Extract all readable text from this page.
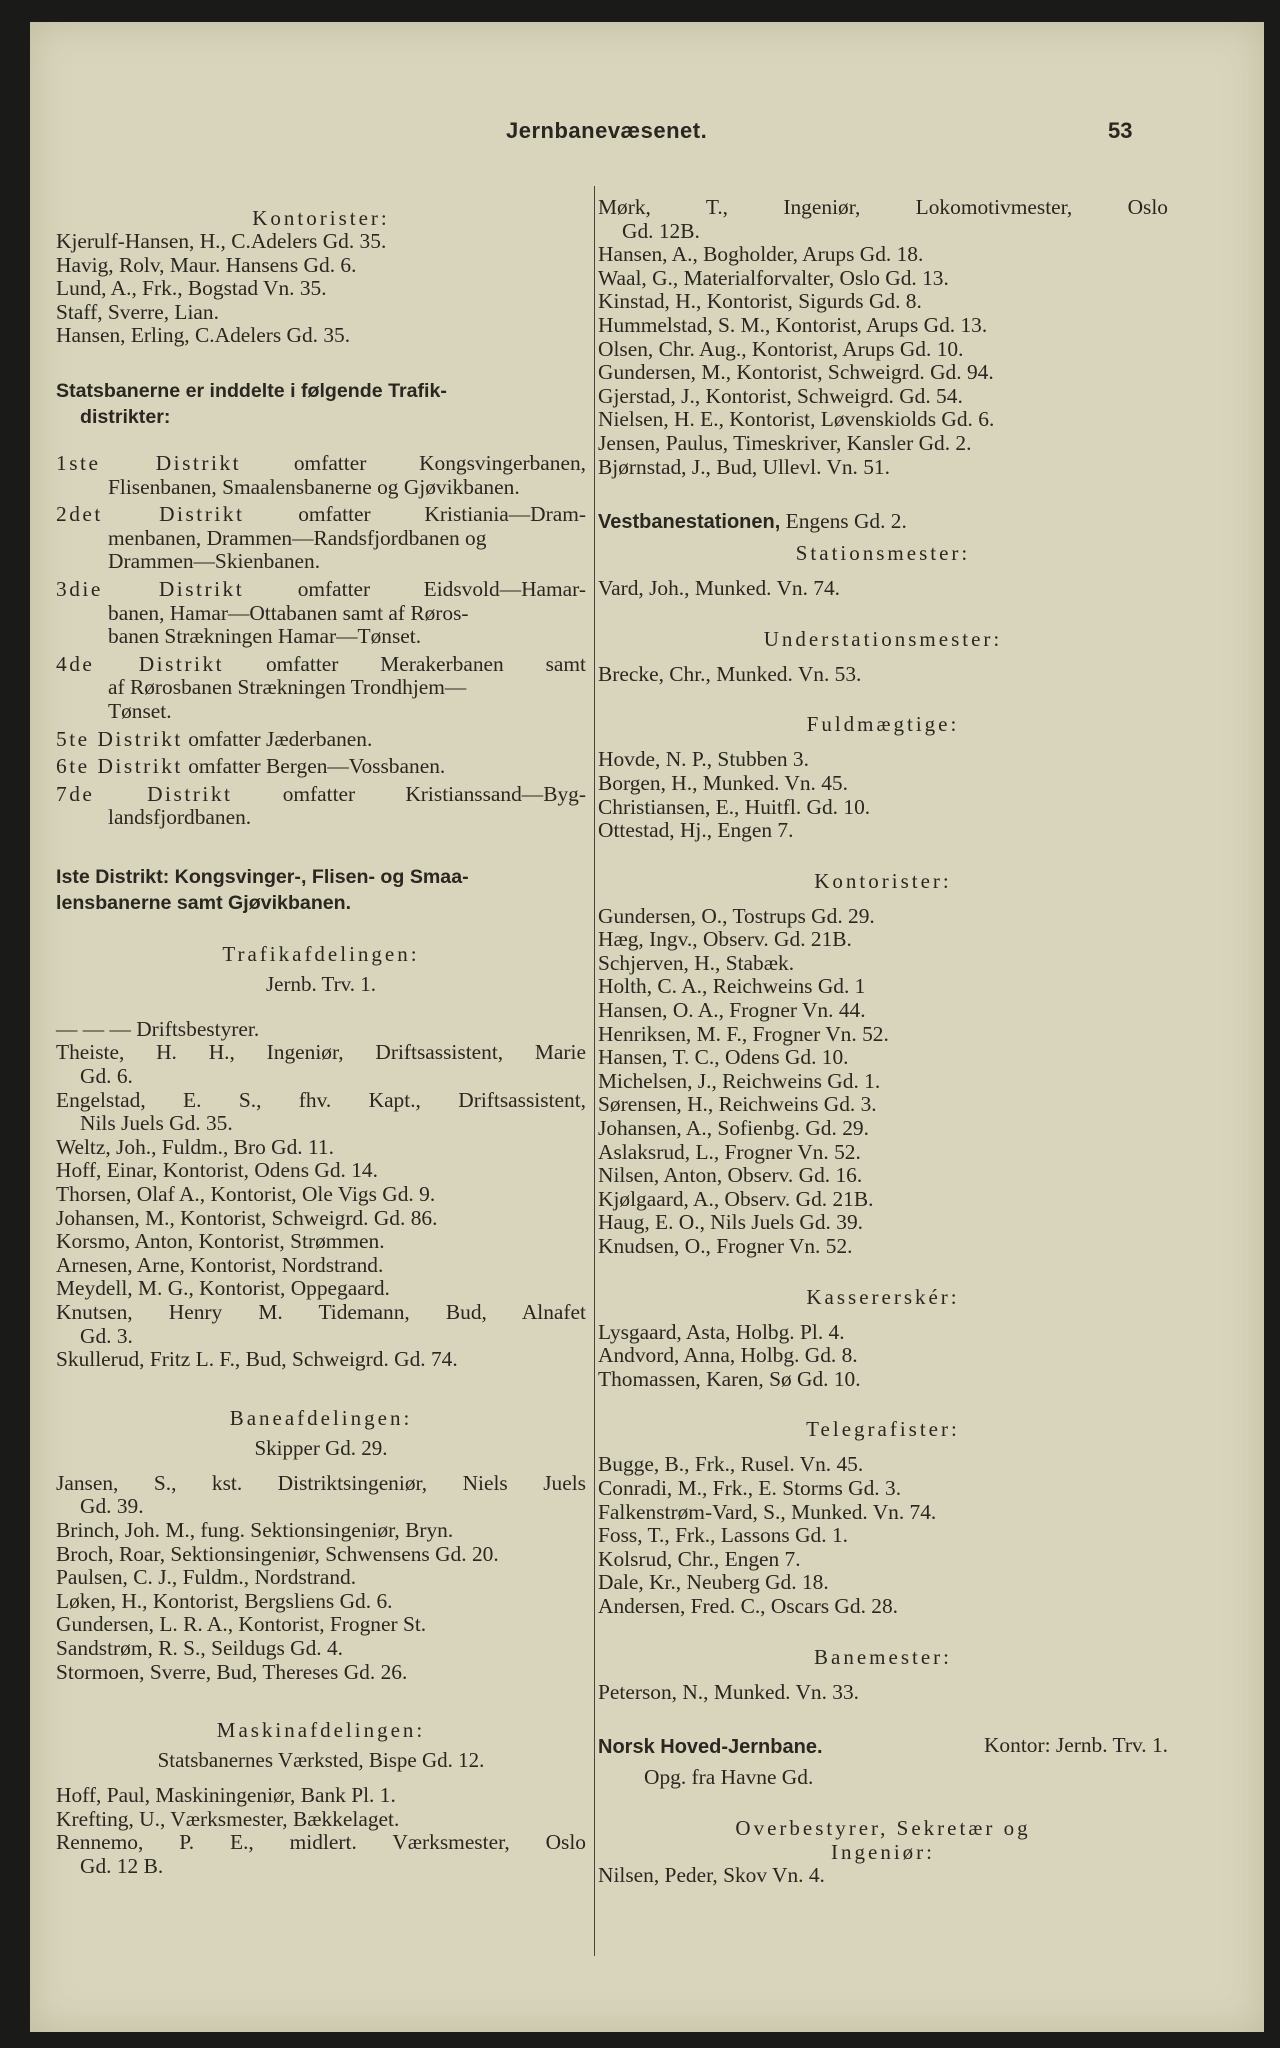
Jernbanevæsenet.	53
Kontorister:
Kjerulf-Hansen, H., C.Adelers Gd. 35.
Havig, Rolv, Maur. Hansens Gd. 6.
Lund, A., Frk., Bogstad Vn. 35.
Staff, Sverre, Lian.
Hansen, Erling, C.Adelers Gd. 35.
Statsbanerne er inddelte i følgende Trafik-
distrikter:
1ste Distrikt omfatter Kongsvingerbanen,
Flisenbanen, Smaalensbanerne og Gjøvikbanen.
2det Distrikt	omfatter Kristiania—Dram-
menbanen, Drammen—Randsfjordbanen og
Drammen—Skienbanen.
3die Distrikt	omfatter Eidsvold—Hamar-
banen, Hamar—Ottabanen samt af Røros-
banen Strækningen Hamar—Tønset.
4de Distrikt omfatter Merakerbanen samt
af Rørosbanen Strækningen Trondhjem—
Tønset.
5te Distrikt omfatter Jæderbanen.
6te Distrikt omfatter Bergen—Vossbanen.
7de Distrikt omfatter Kristianssand—Byg-
landsfjordbanen.
Iste Distrikt: Kongsvinger-, Flisen- og Smaa-
lensbanerne samt Gjøvikbanen.
Trafikafdelingen:
Jernb. Trv. 1.
— — — Driftsbestyrer.
Theiste, H. H., Ingeniør, Driftsassistent, Marie
Gd. 6.
Engelstad, E. S., fhv. Kapt., Driftsassistent,
Nils Juels Gd. 35.
Weltz, Joh., Fuldm., Bro Gd. 11.
Hoff, Einar, Kontorist, Odens Gd. 14.
Thorsen, Olaf A., Kontorist, Ole Vigs Gd. 9.
Johansen, M., Kontorist, Schweigrd. Gd. 86.
Korsmo, Anton, Kontorist, Strømmen.
Arnesen, Arne, Kontorist, Nordstrand.
Meydell, M. G., Kontorist, Oppegaard.
Knutsen, Henry M. Tidemann, Bud, Alnafet
Gd. 3.
Skullerud, Fritz L. F., Bud, Schweigrd. Gd. 74.
Baneafdelingen:
Skipper Gd. 29.
Jansen, S., kst. Distriktsingeniør, Niels Juels
Gd. 39.
Brinch, Joh. M., fung. Sektionsingeniør, Bryn.
Broch, Roar, Sektionsingeniør, Schwensens Gd. 20.
Paulsen, C. J., Fuldm., Nordstrand.
Løken, H., Kontorist, Bergsliens Gd. 6.
Gundersen, L. R. A., Kontorist, Frogner St.
Sandstrøm, R. S., Seildugs Gd. 4.
Stormoen, Sverre, Bud, Thereses Gd. 26.
Maskinafdelingen:
Statsbanernes Værksted, Bispe Gd. 12.
Hoff, Paul, Maskiningeniør, Bank Pl. 1.
Krefting, U., Værksmester, Bækkelaget.
Rennemo, P. E., midlert. Værksmester, Oslo
Gd. 12 B.
Mørk, T., Ingeniør, Lokomotivmester, Oslo
Gd. 12B.
Hansen, A., Bogholder, Arups Gd. 18.
Waal, G., Materialforvalter, Oslo Gd. 13.
Kinstad, H., Kontorist, Sigurds Gd. 8.
Hummelstad, S. M., Kontorist, Arups Gd. 13.
Olsen, Chr. Aug., Kontorist, Arups Gd. 10.
Gundersen, M., Kontorist, Schweigrd. Gd. 94.
Gjerstad, J., Kontorist, Schweigrd. Gd. 54.
Nielsen, H. E., Kontorist, Løvenskiolds Gd. 6.
Jensen, Paulus, Timeskriver, Kansler Gd. 2.
Bjørnstad, J., Bud, Ullevl. Vn. 51.
Vestbanestationen, Engens Gd. 2.
Stationsmester:
Vard, Joh., Munked. Vn. 74.
Understationsmester:
Brecke, Chr., Munked. Vn. 53.
Fuldmægtige:
Hovde, N. P., Stubben 3.
Borgen, H., Munked. Vn. 45.
Christiansen, E., Huitfl. Gd. 10.
Ottestad, Hj., Engen 7.
Kontorister:
Gundersen, O., Tostrups Gd. 29.
Hæg, Ingv., Observ. Gd. 21B.
Schjerven, H., Stabæk.
Holth, C. A., Reichweins Gd. 1
Hansen, O. A., Frogner Vn. 44.
Henriksen, M. F., Frogner Vn. 52.
Hansen, T. C., Odens Gd. 10.
Michelsen, J., Reichweins Gd. 1.
Sørensen, H., Reichweins Gd. 3.
Johansen, A., Sofienbg. Gd. 29.
Aslaksrud, L., Frogner Vn. 52.
Nilsen, Anton, Observ. Gd. 16.
Kjølgaard, A., Observ. Gd. 21B.
Haug, E. O., Nils Juels Gd. 39.
Knudsen, O., Frogner Vn. 52.
Kassererskér:
Lysgaard, Asta, Holbg. Pl. 4.
Andvord, Anna, Holbg. Gd. 8.
Thomassen, Karen, Sø Gd. 10.
Telegrafister:
Bugge, B., Frk., Rusel. Vn. 45.
Conradi, M., Frk., E. Storms Gd. 3.
Falkenstrøm-Vard, S., Munked. Vn. 74.
Foss, T., Frk., Lassons Gd. 1.
Kolsrud, Chr., Engen 7.
Dale, Kr., Neuberg Gd. 18.
Andersen, Fred. C., Oscars Gd. 28.
Banemester:
Peterson, N., Munked. Vn. 33.
Norsk Hoved-Jernbane.	Kontor: Jernb. Trv. 1.
Opg. fra Havne Gd.
Overbestyrer, Sekretær og
Ingeniør:
Nilsen, Peder, Skov Vn. 4.
